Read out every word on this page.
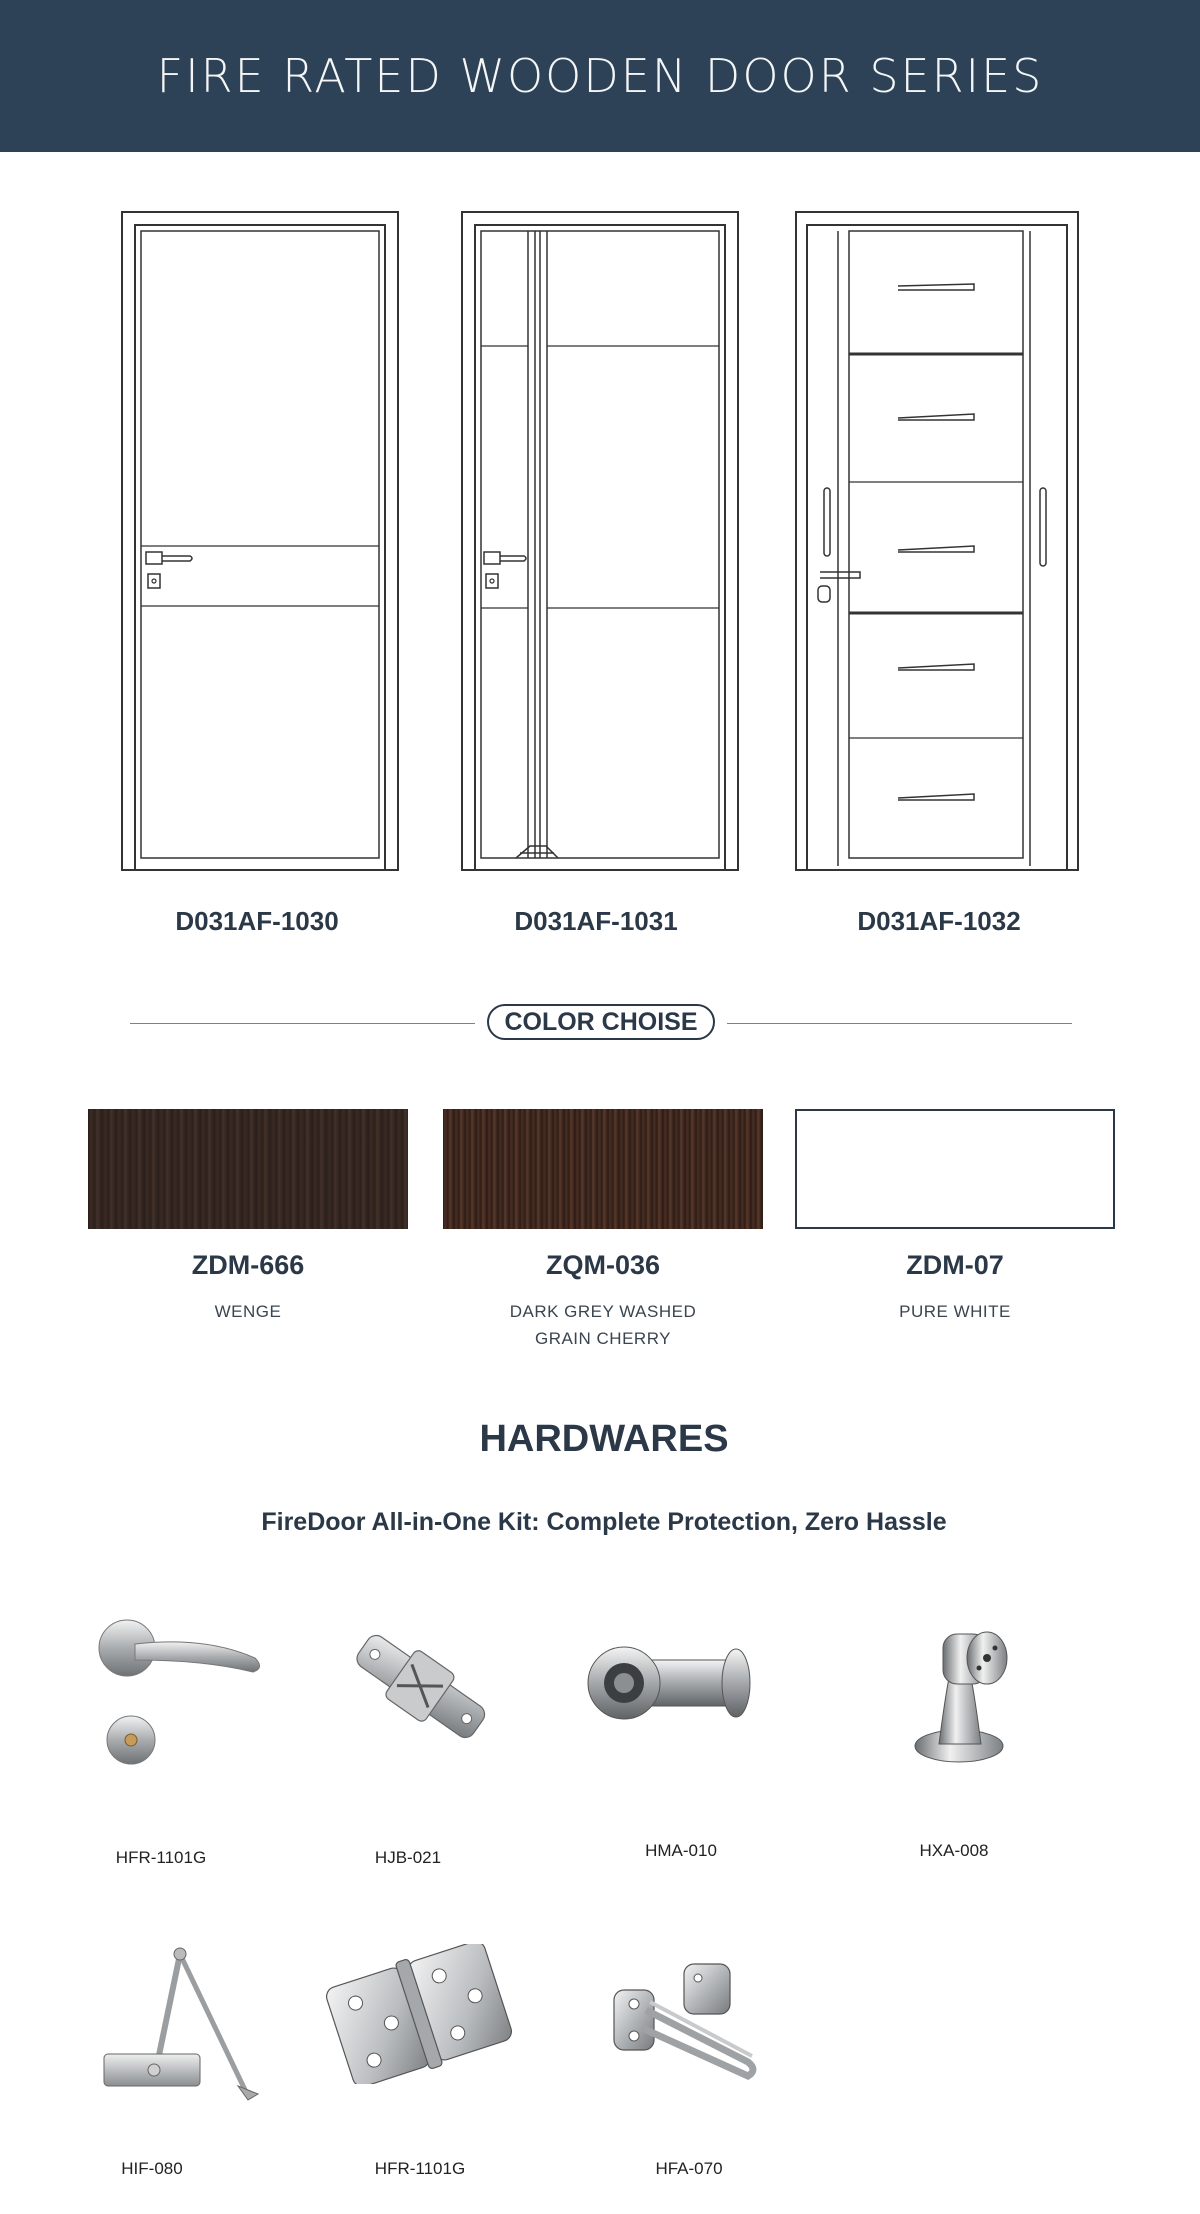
FIRE RATED WOODEN DOOR SERIES
D031AF-1030	D031AF-1031	D031AF-1032
COLOR CHOISE
ZDM-666	ZQM-036	ZDM-07
WENGE	DARK GREY WASHED
GRAIN CHERRY
PURE WHITE
HARDWARES
FireDoor All-in-One Kit: Complete Protection, Zero Hassle
HFR-1101G	HJB-021	HMA-010	HXA-008
HIF-080	HFR-1101G	HFA-070
